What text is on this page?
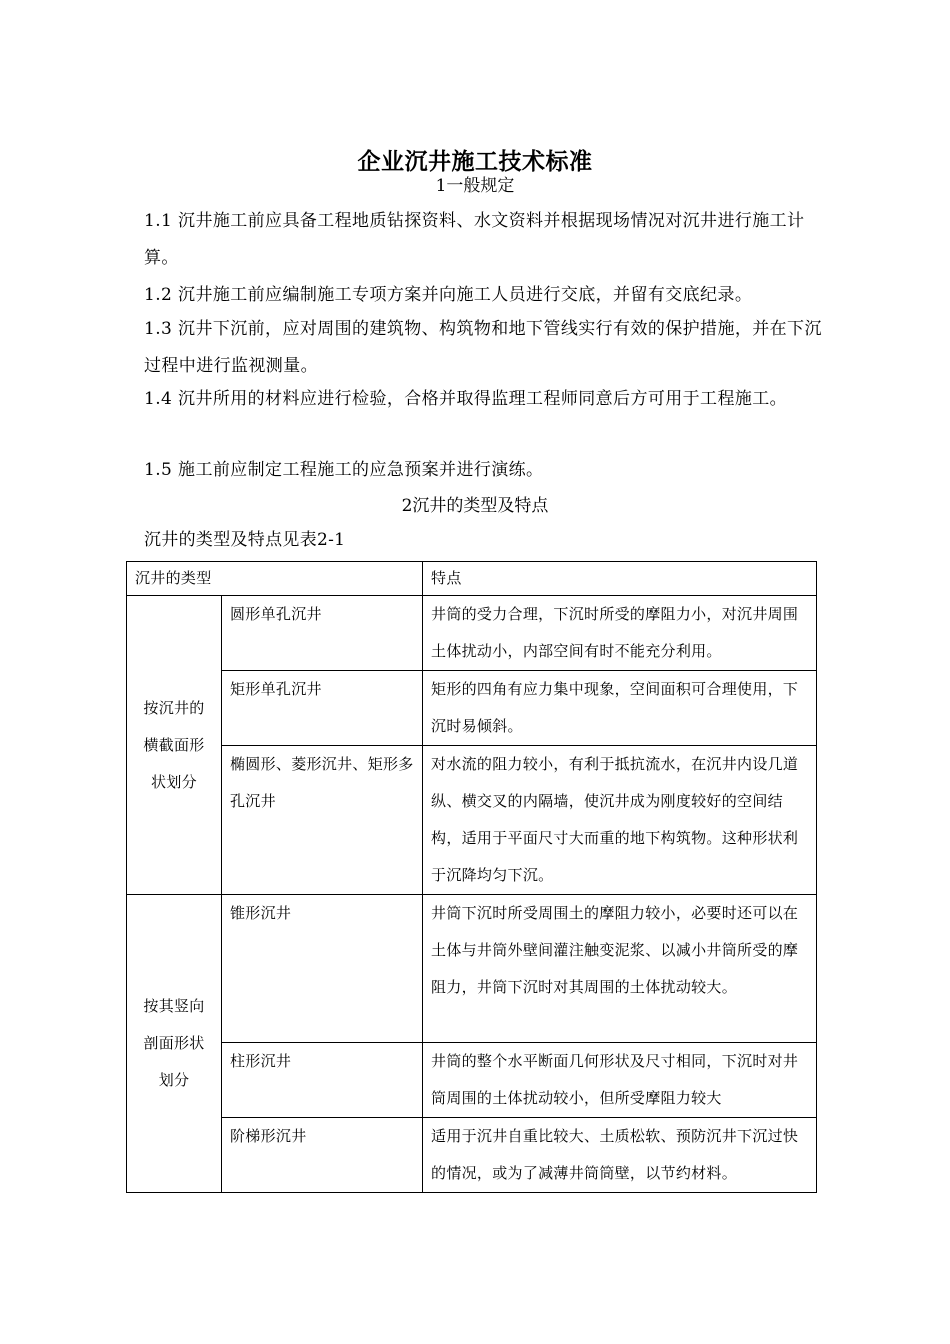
企业沉井施工技术标准
1一般规定
1.1 沉井施工前应具备工程地质钻探资料、水文资料并根据现场情况对沉井进行施工计算。
1.2 沉井施工前应编制施工专项方案并向施工人员进行交底，并留有交底纪录。
1.3 沉井下沉前，应对周围的建筑物、构筑物和地下管线实行有效的保护措施，并在下沉过程中进行监视测量。
1.4 沉井所用的材料应进行检验，合格并取得监理工程师同意后方可用于工程施工。
1.5 施工前应制定工程施工的应急预案并进行演练。
2沉井的类型及特点
沉井的类型及特点见表2-1
沉井的类型		特点
按沉井的横截面形状划分	圆形单孔沉井	井筒的受力合理，下沉时所受的摩阻力小，对沉井周围土体扰动小，内部空间有时不能充分利用。
	矩形单孔沉井	矩形的四角有应力集中现象，空间面积可合理使用，下沉时易倾斜。
	椭圆形、菱形沉井、矩形多孔沉井	对水流的阻力较小，有利于抵抗流水，在沉井内设几道纵、横交叉的内隔墙，使沉井成为刚度较好的空间结构，适用于平面尺寸大而重的地下构筑物。这种形状利于沉降均匀下沉。
按其竖向剖面形状划分	锥形沉井	井筒下沉时所受周围土的摩阻力较小，必要时还可以在土体与井筒外壁间灌注触变泥浆、以减小井筒所受的摩阻力，井筒下沉时对其周围的土体扰动较大。
	柱形沉井	井筒的整个水平断面几何形状及尺寸相同，下沉时对井筒周围的土体扰动较小，但所受摩阻力较大
	阶梯形沉井	适用于沉井自重比较大、土质松软、预防沉井下沉过快的情况，或为了减薄井筒筒壁，以节约材料。
